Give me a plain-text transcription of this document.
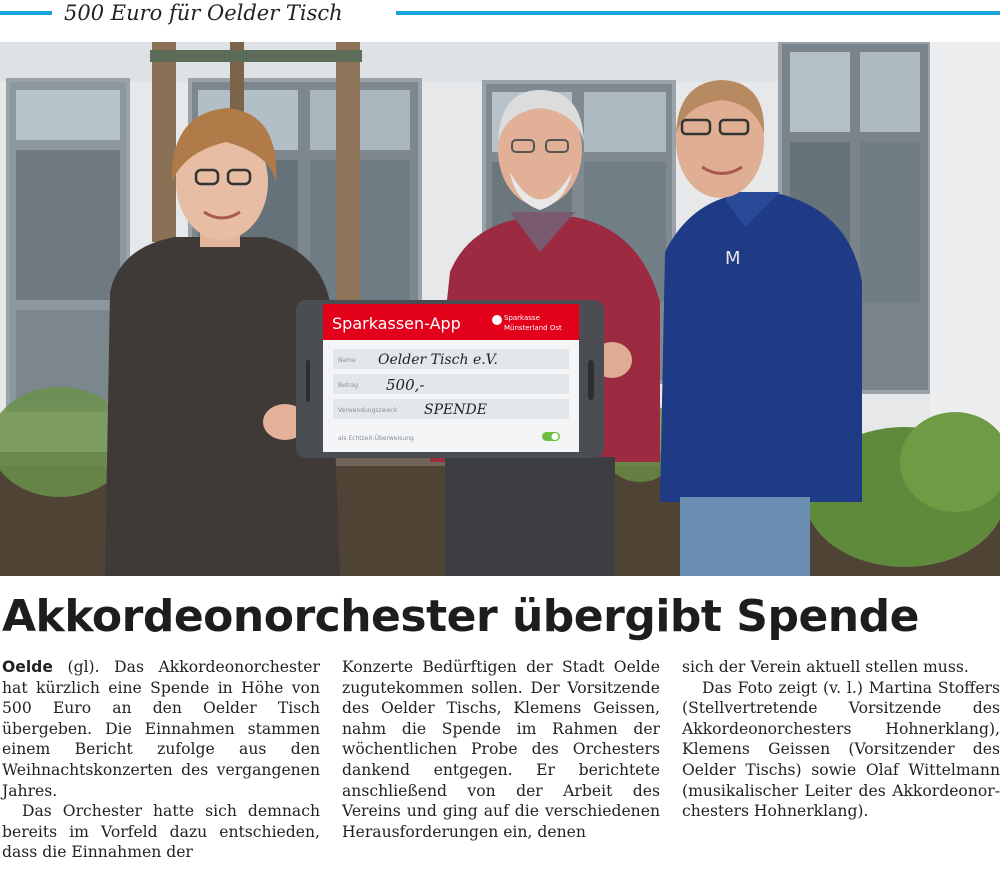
500 Euro für Oelder Tisch
M
Sparkassen-App	Sparkasse
Münsterland Ost
Name Oelder Tisch e.V.
Betrag 500,-
Verwendungszweck SPENDE
als Echtzeit-Überweisung
Akkordeonorchester übergibt Spende

Oelde (gl). Das Akkordeonorchester hat kürzlich eine Spende in Höhe von 500 Euro an den Oelder Tisch übergeben. Die Einnahmen stammen einem Bericht zufolge aus den Weihnachtskonzerten des vergangenen Jahres.

Das Orchester hatte sich demnach bereits im Vorfeld dazu entschieden, dass die Einnahmen der

Konzerte Bedürftigen der Stadt Oelde zugutekommen sollen. Der Vorsitzende des Oelder Tischs, Klemens Geissen, nahm die Spende im Rahmen der wöchentlichen Probe des Orchesters dankend entgegen. Er berichtete anschließend von der Arbeit des Vereins und ging auf die verschiedenen Herausforderungen ein, denen

sich der Verein aktuell stellen muss.

Das Foto zeigt (v. l.) Martina Stoffers (Stellvertretende Vorsitzende des Akkordeonorchesters Hohnerklang), Klemens Geissen (Vorsitzender des Oelder Tischs) sowie Olaf Wittelmann (musikalischer Leiter des Akkordeonorchesters Hohnerklang).
